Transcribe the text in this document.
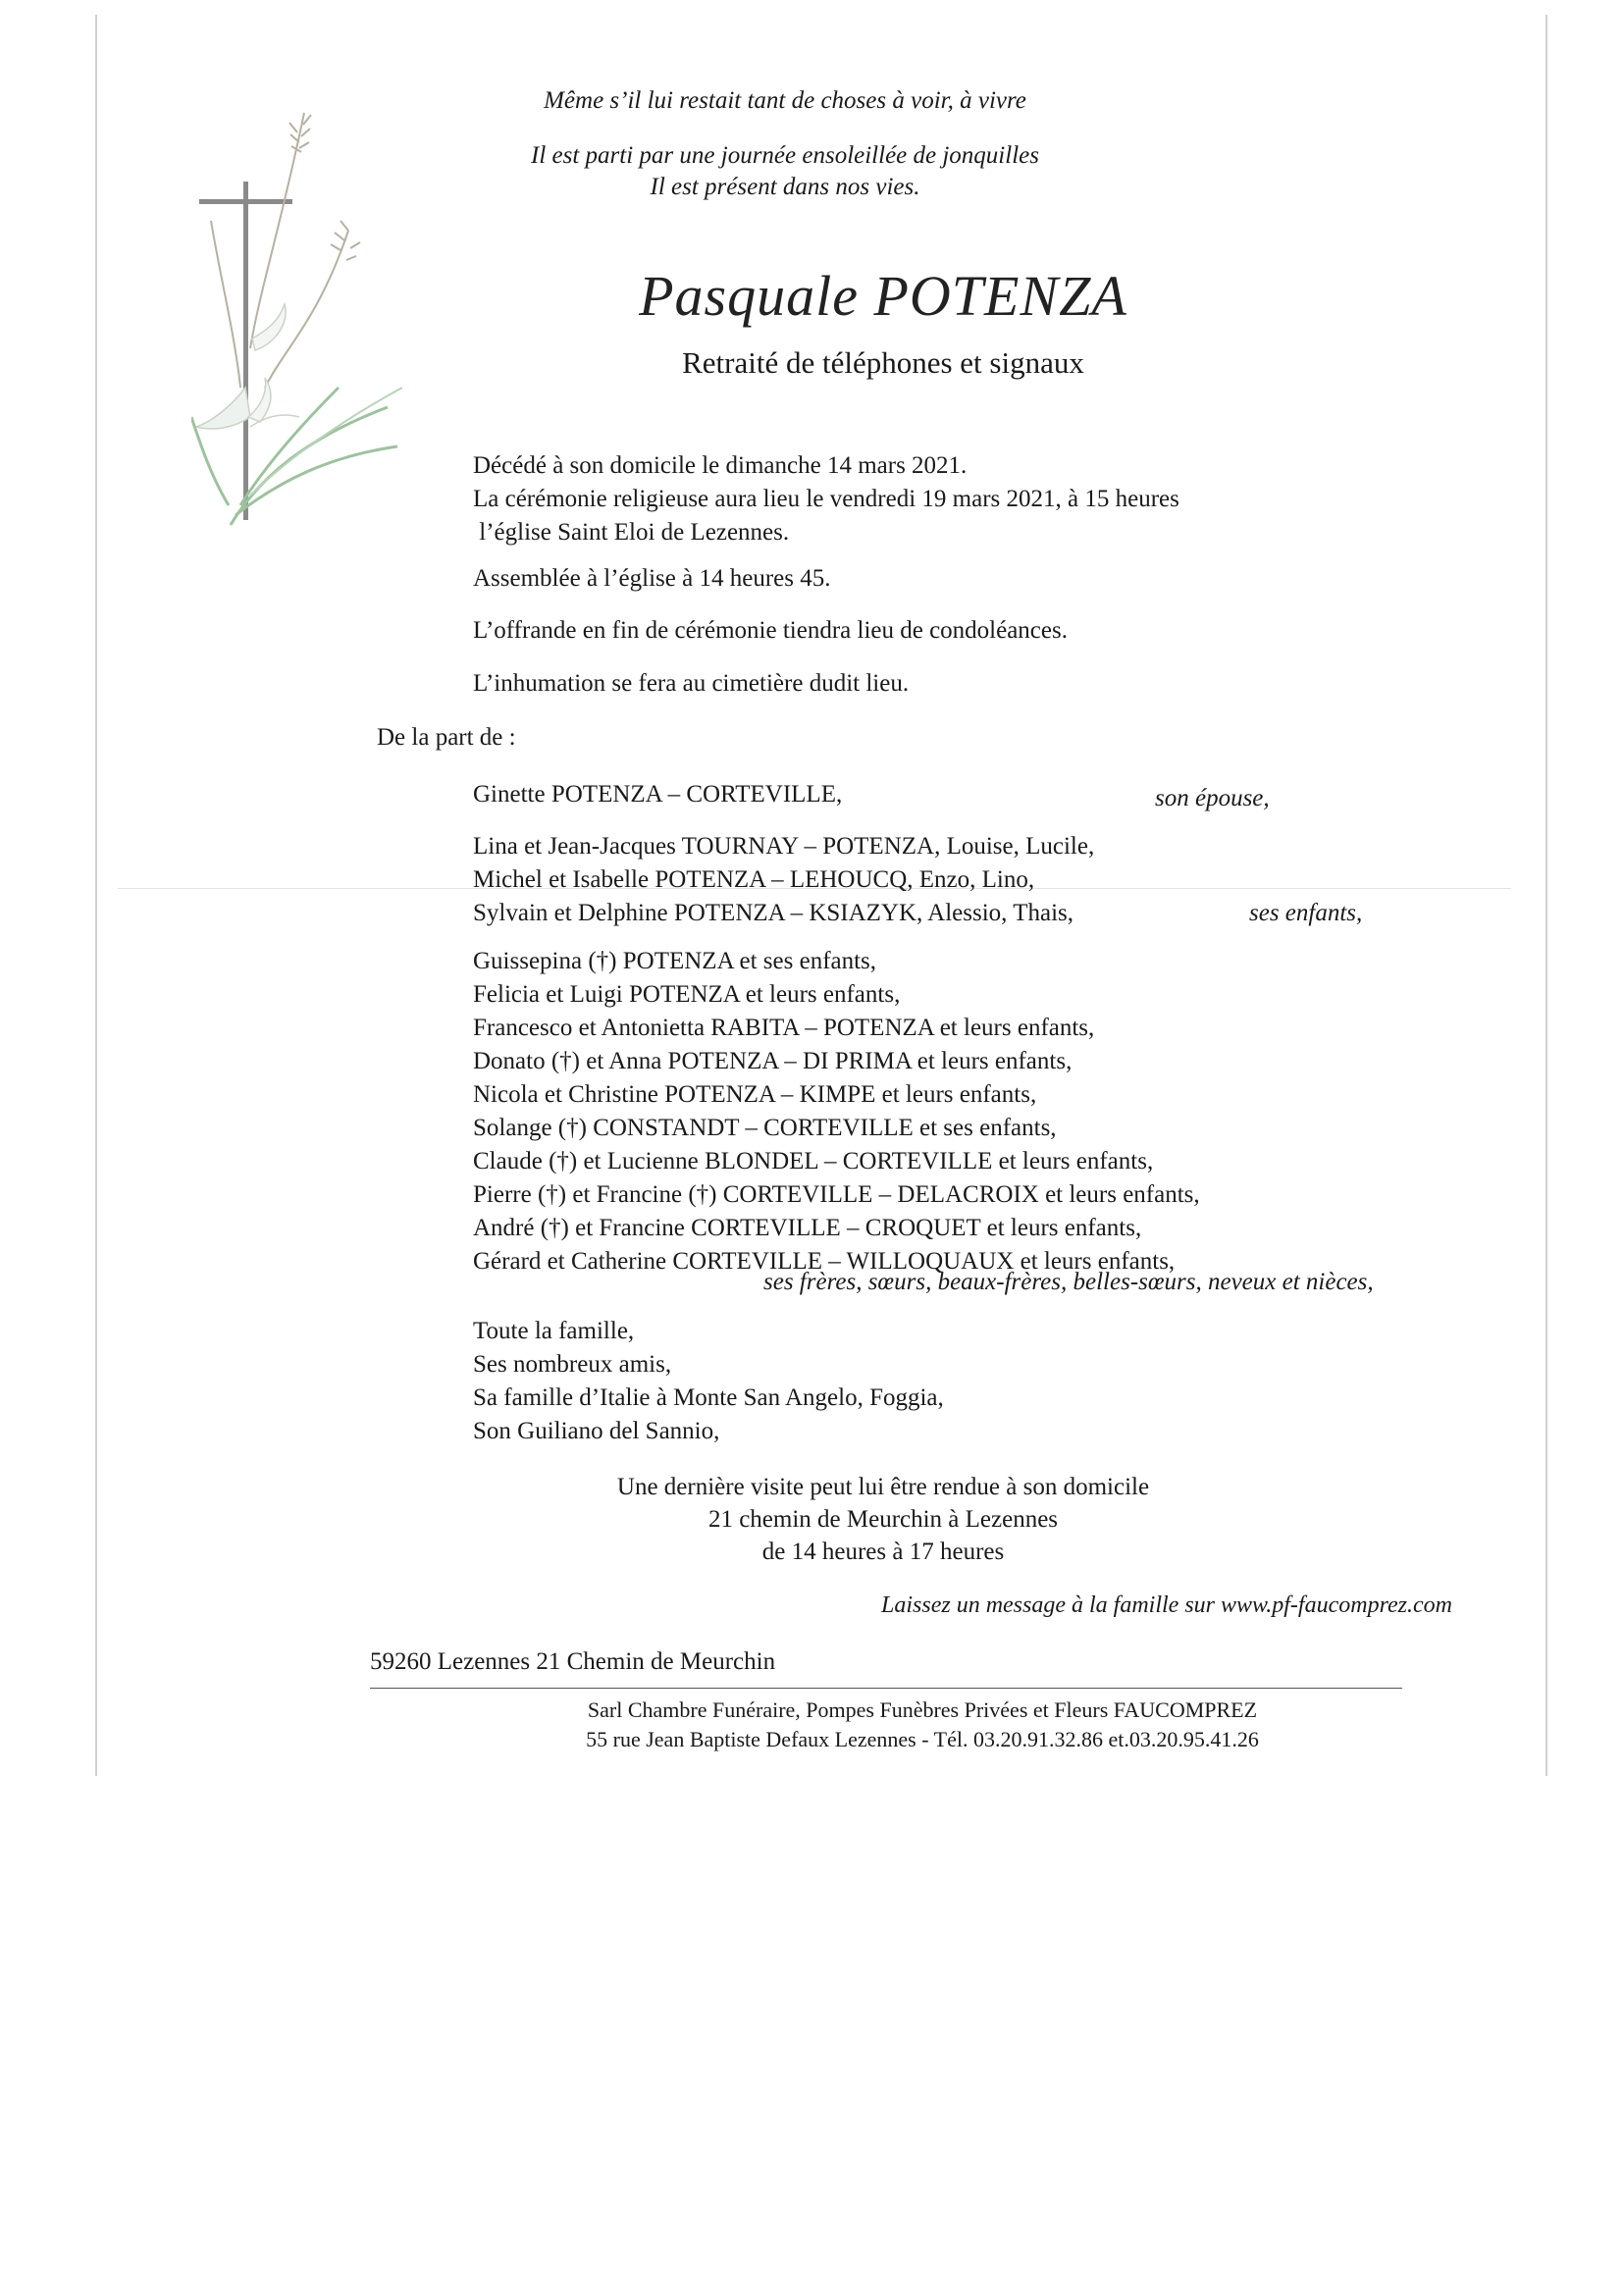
Même s’il lui restait tant de choses à voir, à vivre
Il est parti par une journée ensoleillée de jonquilles
Il est présent dans nos vies.
Pasquale POTENZA
Retraité de téléphones et signaux
Décédé à son domicile le dimanche 14 mars 2021.
La cérémonie religieuse aura lieu le vendredi 19 mars 2021, à 15 heures
l’église Saint Eloi de Lezennes.
Assemblée à l’église à 14 heures 45.
L’offrande en fin de cérémonie tiendra lieu de condoléances.
L’inhumation se fera au cimetière dudit lieu.
De la part de :
Ginette POTENZA – CORTEVILLE,	son épouse,
Lina et Jean-Jacques TOURNAY – POTENZA, Louise, Lucile,
Michel et Isabelle POTENZA – LEHOUCQ, Enzo, Lino,
Sylvain et Delphine POTENZA – KSIAZYK, Alessio, Thais,	ses enfants,
Guissepina (†) POTENZA et ses enfants,
Felicia et Luigi POTENZA et leurs enfants,
Francesco et Antonietta RABITA – POTENZA et leurs enfants,
Donato (†) et Anna POTENZA – DI PRIMA et leurs enfants,
Nicola et Christine POTENZA – KIMPE et leurs enfants,
Solange (†) CONSTANDT – CORTEVILLE et ses enfants,
Claude (†) et Lucienne BLONDEL – CORTEVILLE et leurs enfants,
Pierre (†) et Francine (†) CORTEVILLE – DELACROIX et leurs enfants,
André (†) et Francine CORTEVILLE – CROQUET et leurs enfants,
Gérard et Catherine CORTEVILLE – WILLOQUAUX et leurs enfants,
ses frères, sœurs, beaux-frères, belles-sœurs, neveux et nièces,
Toute la famille,
Ses nombreux amis,
Sa famille d’Italie à Monte San Angelo, Foggia,
Son Guiliano del Sannio,
Une dernière visite peut lui être rendue à son domicile
21 chemin de Meurchin à Lezennes
de 14 heures à 17 heures
Laissez un message à la famille sur www.pf-faucomprez.com
59260 Lezennes 21 Chemin de Meurchin
Sarl Chambre Funéraire, Pompes Funèbres Privées et Fleurs FAUCOMPREZ
55 rue Jean Baptiste Defaux Lezennes - Tél. 03.20.91.32.86 et.03.20.95.41.26
